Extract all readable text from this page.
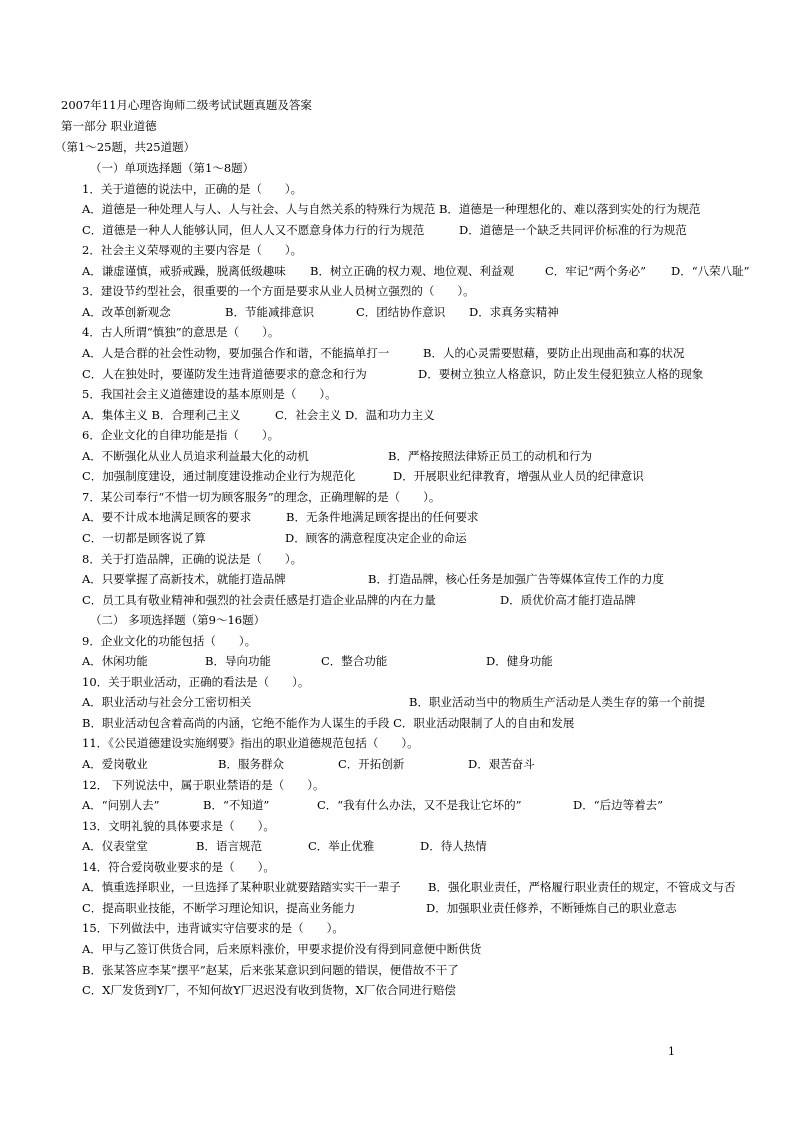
2007年11月心理咨询师二级考试试题真题及答案
第一部分 职业道德
（第1～25题，共25道题）
（一）单项选择题（第1～8题）
1．关于道德的说法中，正确的是（　　）。
A．道德是一种处理人与人、人与社会、人与自然关系的特殊行为规范 B．道德是一种理想化的、难以落到实处的行为规范
C．道德是一种人人能够认同，但人人又不愿意身体力行的行为规范	D．道德是一个缺乏共同评价标准的行为规范
2．社会主义荣辱观的主要内容是（　　）。
A．谦虚谨慎，戒骄戒躁，脱离低级趣味 B．树立正确的权力观、地位观、利益观	C．牢记“两个务必” D．“八荣八耻”
3．建设节约型社会，很重要的一个方面是要求从业人员树立强烈的（　　）。
A．改革创新观念	B．节能减排意识	C．团结协作意识 D．求真务实精神
4．古人所谓“慎独”的意思是（　　）。
A．人是合群的社会性动物，要加强合作和谐，不能搞单打一	B．人的心灵需要慰藉，要防止出现曲高和寡的状况
C．人在独处时，要谨防发生违背道德要求的意念和行为	D．要树立独立人格意识，防止发生侵犯独立人格的现象
5．我国社会主义道德建设的基本原则是（　　）。
A．集体主义 B．合理利己主义	C．社会主义 D．温和功力主义
6．企业文化的自律功能是指（　　）。
A．不断强化从业人员追求利益最大化的动机	B．严格按照法律矫正员工的动机和行为
C．加强制度建设，通过制度建设推动企业行为规范化	D．开展职业纪律教育，增强从业人员的纪律意识
7．某公司奉行“不惜一切为顾客服务”的理念，正确理解的是（　　）。
A．要不计成本地满足顾客的要求	B．无条件地满足顾客提出的任何要求
C．一切都是顾客说了算	D．顾客的满意程度决定企业的命运
8．关于打造品牌，正确的说法是（　　）。
A．只要掌握了高新技术，就能打造品牌	B．打造品牌，核心任务是加强广告等媒体宣传工作的力度
C．员工具有敬业精神和强烈的社会责任感是打造企业品牌的内在力量	D．质优价高才能打造品牌
（二） 多项选择题（第9～16题）
9．企业文化的功能包括（　　）。
A．休闲功能	B．导向功能	C．整合功能	D．健身功能
10．关于职业活动，正确的看法是（　　）。
A．职业活动与社会分工密切相关	B．职业活动当中的物质生产活动是人类生存的第一个前提
B．职业活动包含着高尚的内涵，它绝不能作为人谋生的手段 C．职业活动限制了人的自由和发展
11．《公民道德建设实施纲要》指出的职业道德规范包括（　　）。
A．爱岗敬业	B．服务群众	C．开拓创新	D．艰苦奋斗
12． 下列说法中，属于职业禁语的是（　　）。
A．“问别人去”	B．“不知道”	C．“我有什么办法，又不是我让它坏的”	D．“后边等着去”
13．文明礼貌的具体要求是（　　）。
A．仪表堂堂	B．语言规范	C．举止优雅	D．待人热情
14．符合爱岗敬业要求的是（　　）。
A．慎重选择职业，一旦选择了某种职业就要踏踏实实干一辈子 B．强化职业责任，严格履行职业责任的规定，不管成文与否
C．提高职业技能，不断学习理论知识，提高业务能力	D．加强职业责任修养，不断锤炼自己的职业意志
15．下列做法中，违背诚实守信要求的是（　　）。
A．甲与乙签订供货合同，后来原料涨价，甲要求提价没有得到同意便中断供货
B．张某答应李某“摆平”赵某，后来张某意识到问题的错误，便借故不干了
C．X厂发货到Y厂，不知何故Y厂迟迟没有收到货物，X厂依合同进行赔偿
1
